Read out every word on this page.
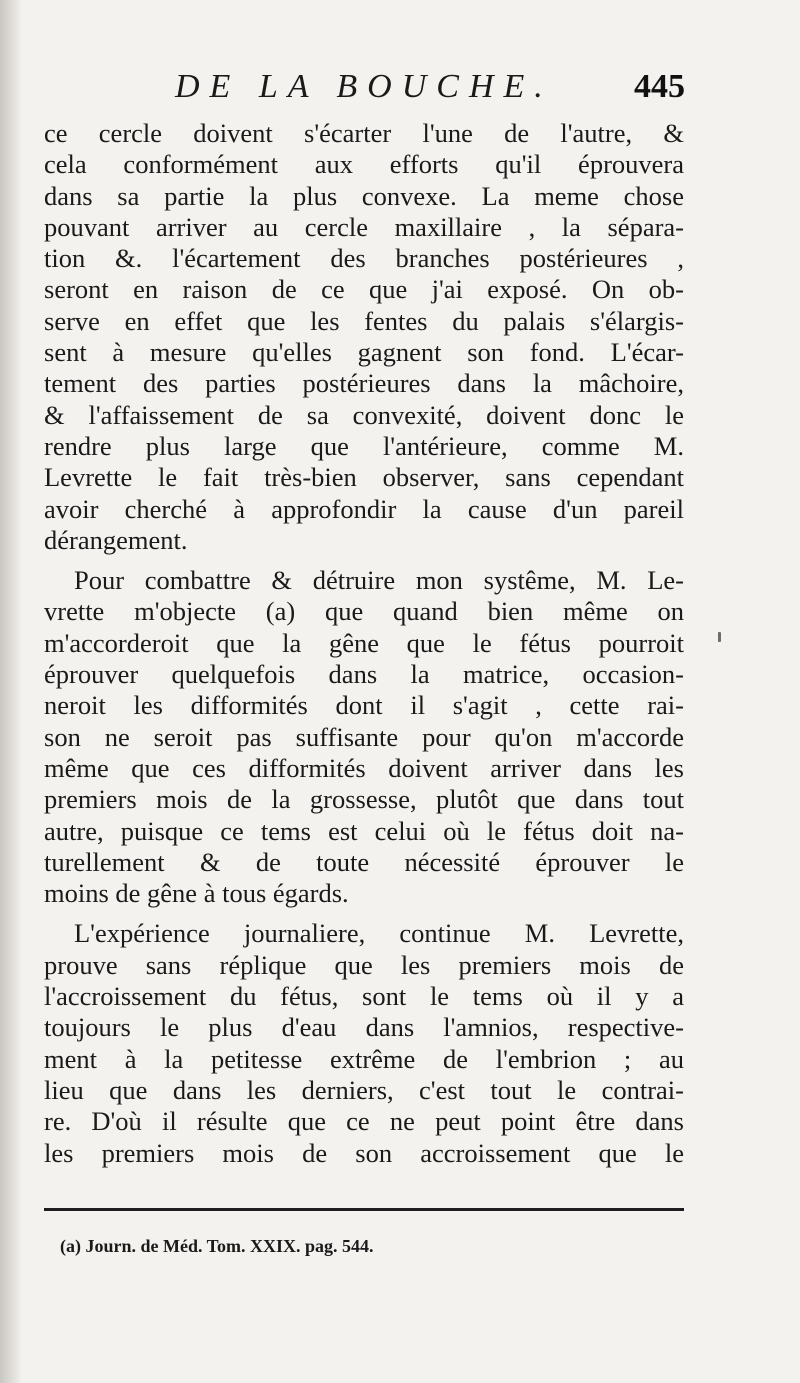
DE LA BOUCHE. 445
ce cercle doivent s'écarter l'une de l'autre, &
cela conformément aux efforts qu'il éprouvera
dans sa partie la plus convexe. La meme chose
pouvant arriver au cercle maxillaire , la sépara-
tion &. l'écartement des branches postérieures ,
seront en raison de ce que j'ai exposé. On ob-
serve en effet que les fentes du palais s'élargis-
sent à mesure qu'elles gagnent son fond. L'écar-
tement des parties postérieures dans la mâchoire,
& l'affaissement de sa convexité, doivent donc le
rendre plus large que l'antérieure, comme M.
Levrette le fait très-bien observer, sans cependant
avoir cherché à approfondir la cause d'un pareil
dérangement.
Pour combattre & détruire mon systême, M. Le-
vrette m'objecte (a) que quand bien même on
m'accorderoit que la gêne que le fétus pourroit
éprouver quelquefois dans la matrice, occasion-
neroit les difformités dont il s'agit , cette rai-
son ne seroit pas suffisante pour qu'on m'accorde
même que ces difformités doivent arriver dans les
premiers mois de la grossesse, plutôt que dans tout
autre, puisque ce tems est celui où le fétus doit na-
turellement & de toute nécessité éprouver le
moins de gêne à tous égards.
L'expérience journaliere, continue M. Levrette,
prouve sans réplique que les premiers mois de
l'accroissement du fétus, sont le tems où il y a
toujours le plus d'eau dans l'amnios, respective-
ment à la petitesse extrême de l'embrion ; au
lieu que dans les derniers, c'est tout le contrai-
re. D'où il résulte que ce ne peut point être dans
les premiers mois de son accroissement que le
(a) Journ. de Méd. Tom. XXIX. pag. 544.
